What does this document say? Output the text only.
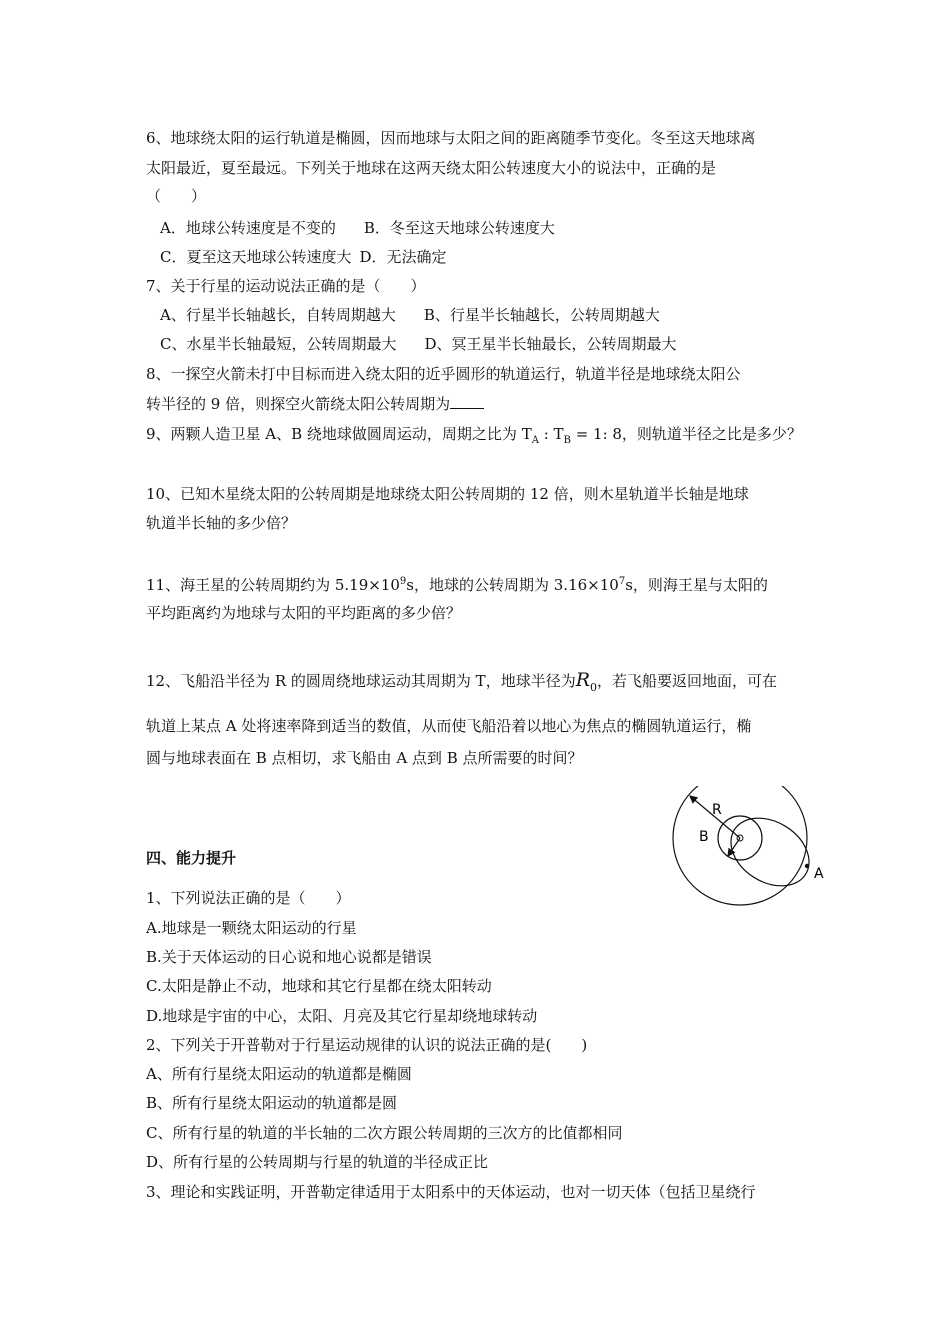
6、地球绕太阳的运行轨道是椭圆，因而地球与太阳之间的距离随季节变化。冬至这天地球离
太阳最近，夏至最远。下列关于地球在这两天绕太阳公转速度大小的说法中，正确的是
（　　）
A．地球公转速度是不变的 B．冬至这天地球公转速度大
C．夏至这天地球公转速度大 D．无法确定
7、关于行星的运动说法正确的是（　　）
A、行星半长轴越长，自转周期越大 B、行星半长轴越长，公转周期越大
C、水星半长轴最短，公转周期最大 D、冥王星半长轴最长，公转周期最大
8、一探空火箭未打中目标而进入绕太阳的近乎圆形的轨道运行，轨道半径是地球绕太阳公
转半径的 9 倍，则探空火箭绕太阳公转周期为
9、两颗人造卫星 A、B 绕地球做圆周运动，周期之比为 $T_A$ : $T_B = 1$: 8，则轨道半径之比是多少？
10、已知木星绕太阳的公转周期是地球绕太阳公转周期的 12 倍，则木星轨道半长轴是地球
轨道半长轴的多少倍？
11、海王星的公转周期约为 $5.19\times 10^9s$，地球的公转周期为 $3.16\times 10^7s$，则海王星与太阳的
平均距离约为地球与太阳的平均距离的多少倍？
12、飞船沿半径为 R 的圆周绕地球运动其周期为 T，地球半径为$R_0$，若飞船要返回地面，可在
轨道上某点 A 处将速率降到适当的数值，从而使飞船沿着以地心为焦点的椭圆轨道运行，椭
圆与地球表面在 B 点相切，求飞船由 A 点到 B 点所需要的时间？
R
B
A
四、能力提升
1、下列说法正确的是（　　）
A.地球是一颗绕太阳运动的行星
B.关于天体运动的日心说和地心说都是错误
C.太阳是静止不动，地球和其它行星都在绕太阳转动
D.地球是宇宙的中心，太阳、月亮及其它行星却绕地球转动
2、下列关于开普勒对于行星运动规律的认识的说法正确的是(　　)
A、所有行星绕太阳运动的轨道都是椭圆
B、所有行星绕太阳运动的轨道都是圆
C、所有行星的轨道的半长轴的二次方跟公转周期的三次方的比值都相同
D、所有行星的公转周期与行星的轨道的半径成正比
3、理论和实践证明，开普勒定律适用于太阳系中的天体运动，也对一切天体（包括卫星绕行
